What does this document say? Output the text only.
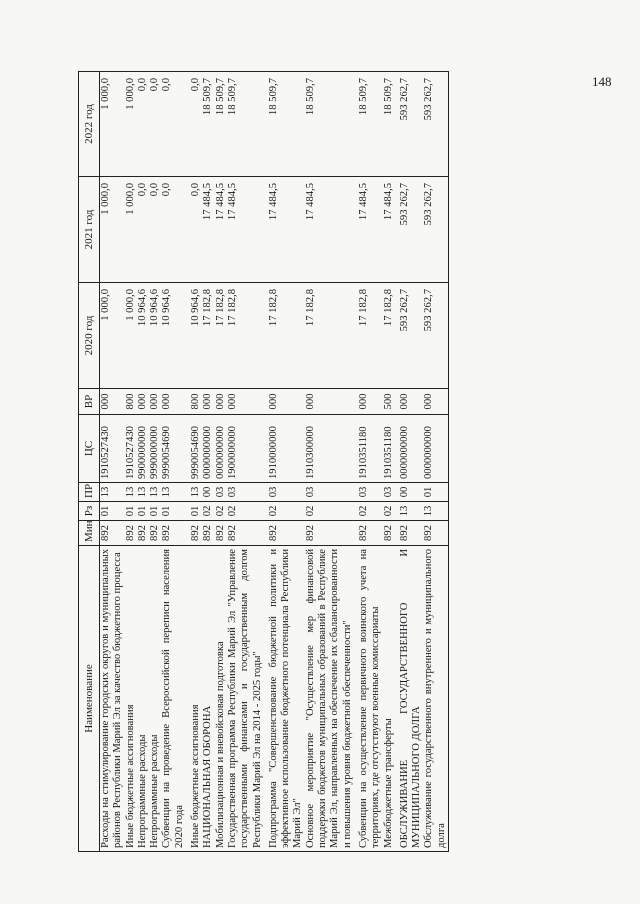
148
Наименование	Мин	Рз	ПР	ЦС	ВР	2020 год	2021 год	2022 год
Расходы на стимулирование городских округов и муниципальных районов Республики Марий Эл за качество бюджетного процесса	892	01	13	1910527430	000	1 000,0	1 000,0	1 000,0
Иные бюджетные ассигнования	892	01	13	1910527430	800	1 000,0	1 000,0	1 000,0
Непрограммные расходы	892	01	13	9900000000	000	10 964,6	0,0	0,0
Непрограммные расходы	892	01	13	9990000000	000	10 964,6	0,0	0,0
Субвенции на проведение Всероссийской переписи населения 2020 года	892	01	13	9990054690	000	10 964,6	0,0	0,0
Иные бюджетные ассигнования	892	01	13	9990054690	800	10 964,6	0,0	0,0
НАЦИОНАЛЬНАЯ ОБОРОНА	892	02	00	0000000000	000	17 182,8	17 484,5	18 509,7
Мобилизационная и вневойсковая подготовка	892	02	03	0000000000	000	17 182,8	17 484,5	18 509,7
Государственная программа Республики Марий Эл "Управление государственными финансами и государственным долгом Республики Марий Эл на 2014 - 2025 годы"	892	02	03	1900000000	000	17 182,8	17 484,5	18 509,7
Подпрограмма "Совершенствование бюджетной политики и эффективное использование бюджетного потенциала Республики Марий Эл"	892	02	03	1910000000	000	17 182,8	17 484,5	18 509,7
Основное мероприятие "Осуществление мер финансовой поддержки бюджетов муниципальных образований в Республике Марий Эл, направленных на обеспечение их сбалансированности и повышения уровня бюджетной обеспеченности"	892	02	03	1910300000	000	17 182,8	17 484,5	18 509,7
Субвенции на осуществление первичного воинского учета на территориях, где отсутствуют военные комиссариаты	892	02	03	1910351180	000	17 182,8	17 484,5	18 509,7
Межбюджетные трансферты	892	02	03	1910351180	500	17 182,8	17 484,5	18 509,7
ОБСЛУЖИВАНИЕ ГОСУДАРСТВЕННОГО И МУНИЦИПАЛЬНОГО ДОЛГА	892	13	00	0000000000	000	593 262,7	593 262,7	593 262,7
Обслуживание государственного внутреннего и муниципального долга	892	13	01	0000000000	000	593 262,7	593 262,7	593 262,7
